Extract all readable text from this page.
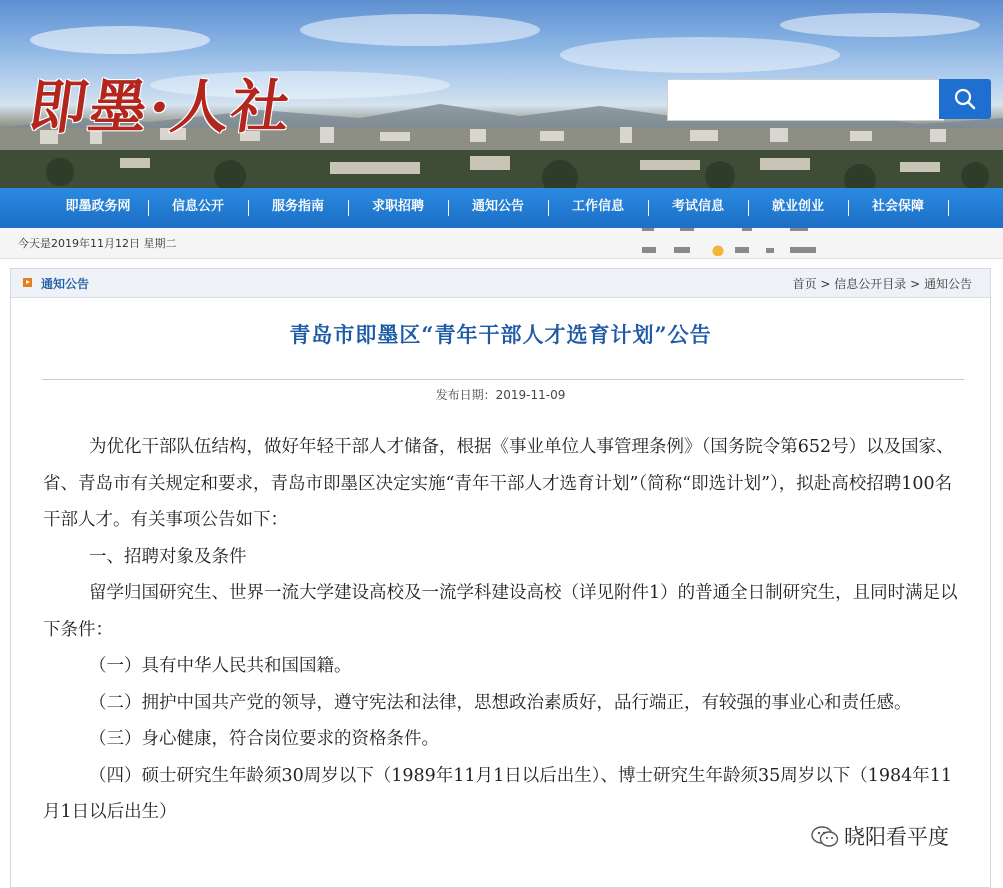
即墨·人社
即墨政务网	信息公开	服务指南	求职招聘	通知公告	工作信息	考试信息	就业创业	社会保障
今天是2019年11月12日 星期二
通知公告	首页 > 信息公开目录 > 通知公告
青岛市即墨区“青年干部人才选育计划”公告
发布日期：2019-11-09

为优化干部队伍结构，做好年轻干部人才储备，根据《事业单位人事管理条例》（国务院令第652号）以及国家、省、青岛市有关规定和要求，青岛市即墨区决定实施“青年干部人才选育计划”（简称“即选计划”），拟赴高校招聘100名干部人才。有关事项公告如下：

一、招聘对象及条件

留学归国研究生、世界一流大学建设高校及一流学科建设高校（详见附件1）的普通全日制研究生，且同时满足以下条件：

（一）具有中华人民共和国国籍。

（二）拥护中国共产党的领导，遵守宪法和法律，思想政治素质好，品行端正，有较强的事业心和责任感。

（三）身心健康，符合岗位要求的资格条件。

（四）硕士研究生年龄须30周岁以下（1989年11月1日以后出生）、博士研究生年龄须35周岁以下（1984年11月1日以后出生）

晓阳看平度
